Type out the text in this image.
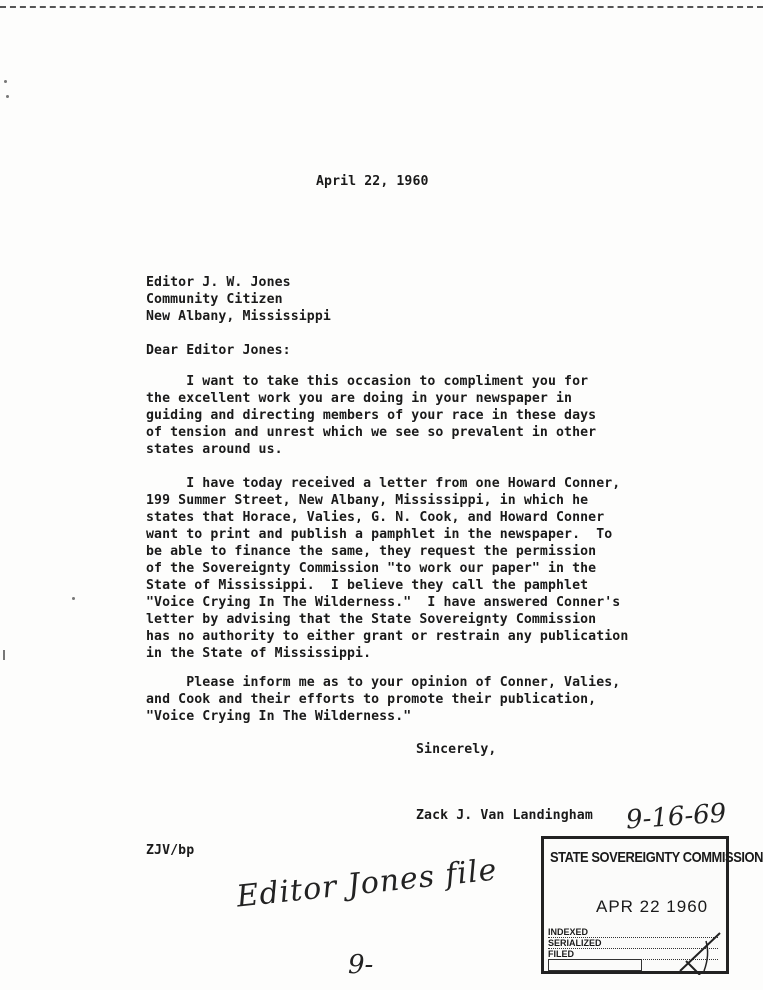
April 22, 1960
Editor J. W. Jones
Community Citizen
New Albany, Mississippi
Dear Editor Jones:
I want to take this occasion to compliment you for
the excellent work you are doing in your newspaper in
guiding and directing members of your race in these days
of tension and unrest which we see so prevalent in other
states around us.
I have today received a letter from one Howard Conner,
199 Summer Street, New Albany, Mississippi, in which he
states that Horace, Valies, G. N. Cook, and Howard Conner
want to print and publish a pamphlet in the newspaper.  To
be able to finance the same, they request the permission
of the Sovereignty Commission "to work our paper" in the
State of Mississippi.  I believe they call the pamphlet
"Voice Crying In The Wilderness."  I have answered Conner's
letter by advising that the State Sovereignty Commission
has no authority to either grant or restrain any publication
in the State of Mississippi.
Please inform me as to your opinion of Conner, Valies,
and Cook and their efforts to promote their publication,
"Voice Crying In The Wilderness."
Sincerely,
Zack J. Van Landingham
ZJV/bp
9-16-69
Editor Jones file
9-
STATE SOVEREIGNTY COMMISSION
APR 22 1960
INDEXED
SERIALIZED
FILED
